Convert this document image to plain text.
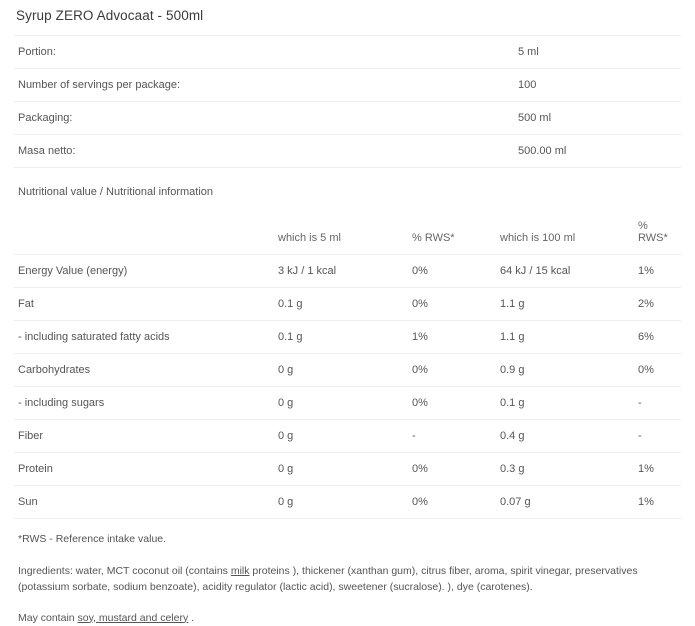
Syrup ZERO Advocaat - 500ml
Portion:	5 ml
Number of servings per package:	100
Packaging:	500 ml
Masa netto:	500.00 ml
Nutritional value / Nutritional information
	which is 5 ml	% RWS*	which is 100 ml	% RWS*
Energy Value (energy)	3 kJ / 1 kcal	0%	64 kJ / 15 kcal	1%
Fat	0.1 g	0%	1.1 g	2%
- including saturated fatty acids	0.1 g	1%	1.1 g	6%
Carbohydrates	0 g	0%	0.9 g	0%
- including sugars	0 g	0%	0.1 g	-
Fiber	0 g	-	0.4 g	-
Protein	0 g	0%	0.3 g	1%
Sun	0 g	0%	0.07 g	1%
*RWS - Reference intake value.
Ingredients: water, MCT coconut oil (contains milk proteins ), thickener (xanthan gum), citrus fiber, aroma, spirit vinegar, preservatives (potassium sorbate, sodium benzoate), acidity regulator (lactic acid), sweetener (sucralose). ), dye (carotenes).
May contain soy, mustard and celery .
